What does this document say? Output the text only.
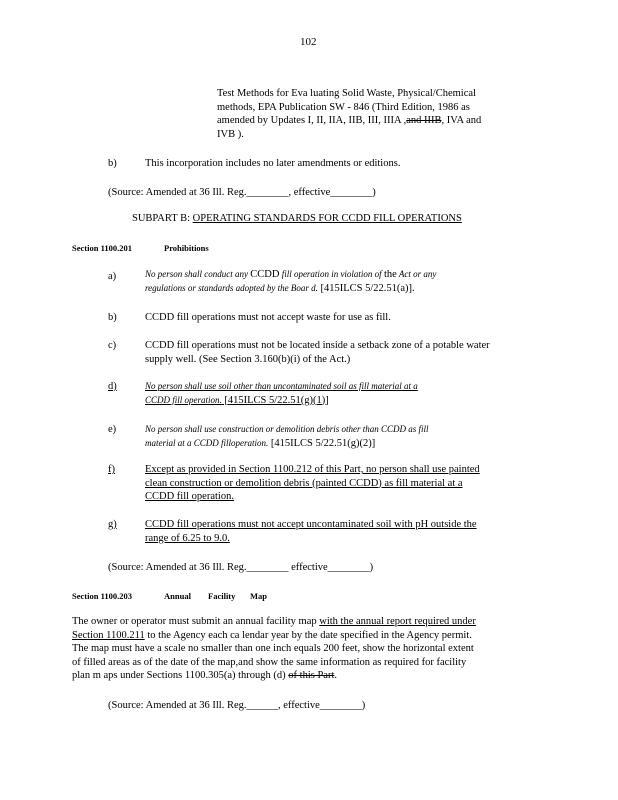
102
Test Methods for Eva luating Solid Waste, Physical/Chemical
methods, EPA Publication SW - 846 (Third Edition, 1986 as
amended by Updates I, II, IIA, IIB, III, IIIA ,and IIIB, IVA and
IVB ).
b)	This incorporation includes no later amendments or editions.
(Source: Amended at 36 Ill. Reg.________, effective________)
SUBPART B: OPERATING STANDARDS FOR CCDD FILL OPERATIONS
Section 1100.201	Prohibitions
a)	No person shall conduct any CCDD fill operation in violation of the Act or any
regulations or standards adopted by the Boar d. [415ILCS 5/22.51(a)].
b)	CCDD fill operations must not accept waste for use as fill.
c)	CCDD fill operations must not be located inside a setback zone of a potable water
supply well. (See Section 3.160(b)(i) of the Act.)
d)	No person shall use soil other than uncontaminated soil as fill material at a
CCDD fill operation. [415ILCS 5/22.51(g)(1)]
e)	No person shall use construction or demolition debris other than CCDD as fill
material at a CCDD filloperation. [415ILCS 5/22.51(g)(2)]
f)	Except as provided in Section 1100.212 of this Part, no person shall use painted
clean construction or demolition debris (painted CCDD) as fill material at a
CCDD fill operation.
g)	CCDD fill operations must not accept uncontaminated soil with pH outside the
range of 6.25 to 9.0.
(Source: Amended at 36 Ill. Reg.________ effective________)
Section 1100.203	Annual Facility Map
The owner or operator must submit an annual facility map with the annual report required under
Section 1100.211 to the Agency each ca lendar year by the date specified in the Agency permit.
The map must have a scale no smaller than one inch equals 200 feet, show the horizontal extent
of filled areas as of the date of the map,and show the same information as required for facility
plan m aps under Sections 1100.305(a) through (d) of this Part.
(Source: Amended at 36 Ill. Reg.______, effective________)
